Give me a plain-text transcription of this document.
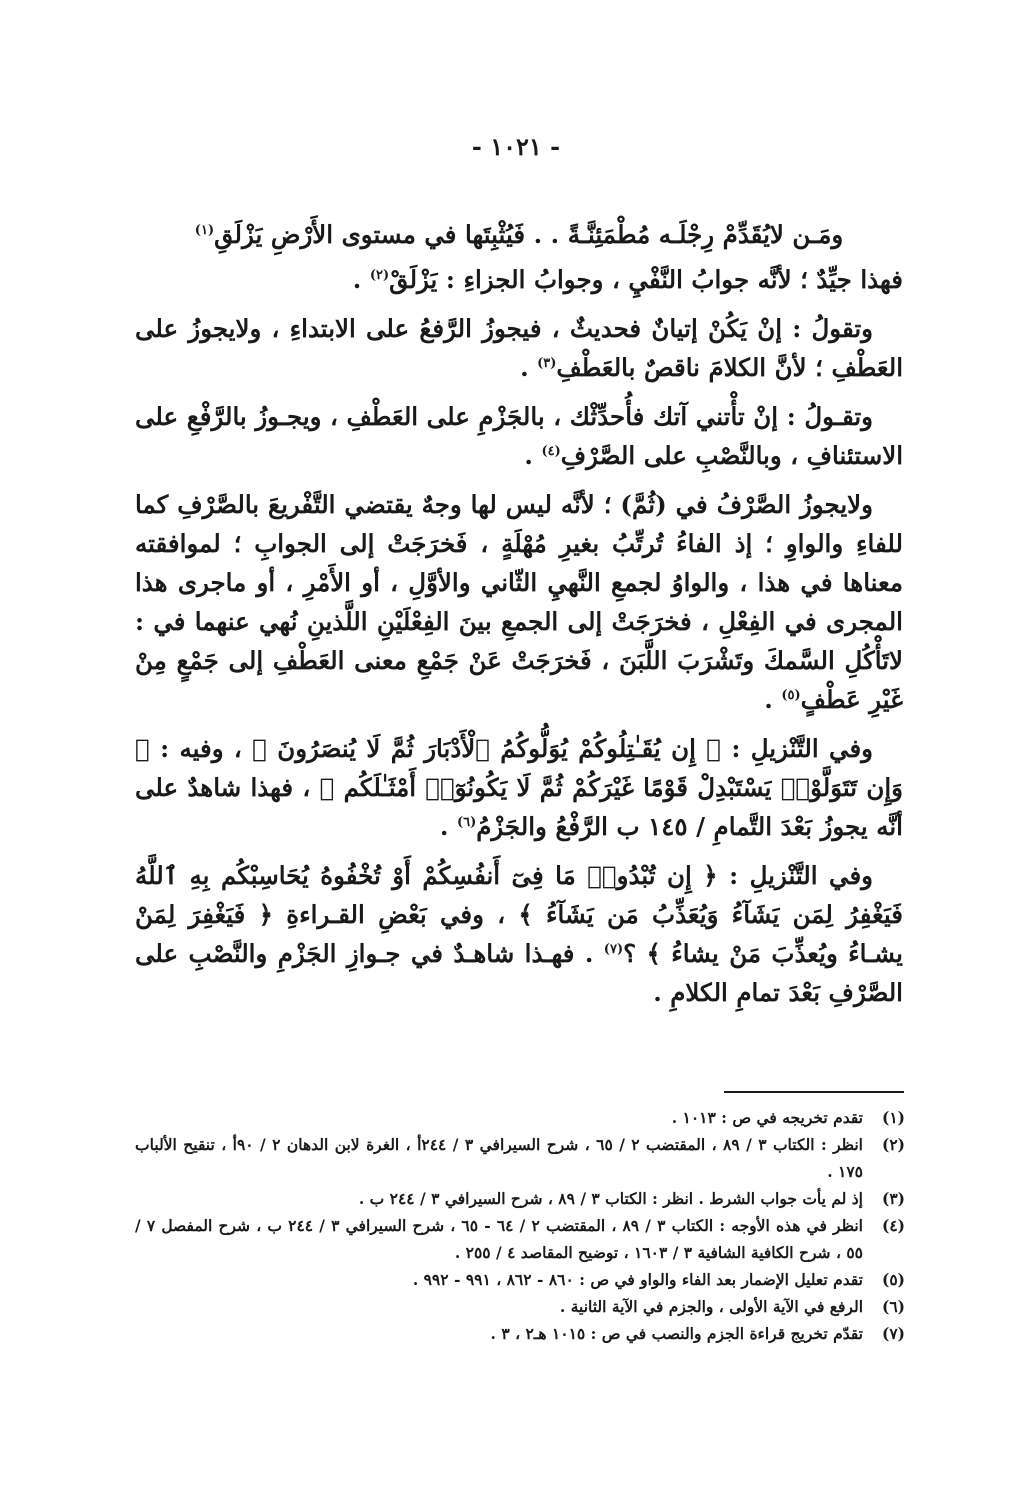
- ١٠٢١ -

ومَـن لايُقَدِّمْ رِجْلَـه مُطْمَئِنَّـةً . . فَيُثْبِتَها في مستوى الأَرْضِ يَزْلَقِ$^{(١)}$

فهذا جيِّدٌ ؛ لأنَّه جوابُ النَّفْيِ ، وجوابُ الجزاءِ : يَزْلَقْ$^{(٢)}$ .

وتقولُ : إنْ يَكُنْ إتيانٌ فحديثٌ ، فيجوزُ الرَّفعُ على الابتداءِ ، ولايجوزُ على العَطْفِ ؛ لأنَّ الكلامَ ناقصٌ بالعَطْفِ$^{(٣)}$ .

وتقـولُ : إنْ تأْتني آتك فأُحدِّثْك ، بالجَزْمِ على العَطْفِ ، ويجـوزُ بالرَّفْعِ على الاستئنافِ ، وبالنَّصْبِ على الصَّرْفِ$^{(٤)}$ .

ولايجوزُ الصَّرْفُ في (ثُمَّ) ؛ لأنَّه ليس لها وجهٌ يقتضي التَّفْريعَ بالصَّرْفِ كما للفاءِ والواوِ ؛ إذ الفاءُ تُرتِّبُ بغيرِ مُهْلَةٍ ، فَخرَجَتْ إلى الجوابِ ؛ لموافقته معناها في هذا ، والواوُ لجمعِ النَّهيِ الثّاني والأوَّلِ ، أو الأَمْرِ ، أو ماجرى هذا المجرى في الفِعْلِ ، فخرَجَتْ إلى الجمعِ بينَ الفِعْلَيْنِ اللَّذينِ نُهي عنهما في : لاتَأْكُلِ السَّمكَ وتَشْرَبَ اللَّبَنَ ، فَخرَجَتْ عَنْ جَمْعِ معنى العَطْفِ إلى جَمْعٍ مِنْ غَيْرِ عَطْفٍ$^{(٥)}$ .

وفي التَّنْزيلِ : ﴿ إِن يُقَـٰتِلُوكُمْ يُوَلُّوكُمُ ٱلْأَدْبَارَ ثُمَّ لَا يُنصَرُونَ ﴾ ، وفيه : ﴿ وَإِن تَتَوَلَّوْا۟ يَسْتَبْدِلْ قَوْمًا غَيْرَكُمْ ثُمَّ لَا يَكُونُوٓا۟ أَمْثَـٰلَكُم ﴾ ، فهذا شاهدٌ على أنَّه يجوزُ بَعْدَ التَّمامِ / ١٤٥ ب الرَّفْعُ والجَزْمُ$^{(٦)}$ .

وفي التَّنْزيلِ : ﴿ إِن تُبْدُوا۟ مَا فِىٓ أَنفُسِكُمْ أَوْ تُخْفُوهُ يُحَاسِبْكُم بِهِ ٱللَّهُ فَيَغْفِرُ لِمَن يَشَآءُ وَيُعَذِّبُ مَن يَشَآءُ ﴾ ، وفي بَعْضِ القـراءةِ ﴿ فَيَغْفِرَ لِمَنْ يشـاءُ ويُعذِّبَ مَنْ يشاءُ ﴾ ؟$^{(٧)}$ . فهـذا شاهـدٌ في جـوازِ الجَزْمِ والنَّصْبِ على الصَّرْفِ بَعْدَ تمامِ الكلامِ .

(١)
تقدم تخريجه في ص : ١٠١٣ .
(٢)
انظر : الكتاب ٣ / ٨٩ ، المقتضب ٢ / ٦٥ ، شرح السيرافي ٣ / ٢٤٤أ ، الغرة لابن الدهان ٢ / ٩٠أ ، تنقيح الألباب ١٧٥ .
(٣)
إذ لم يأت جواب الشرط . انظر : الكتاب ٣ / ٨٩ ، شرح السيرافي ٣ / ٢٤٤ ب .
(٤)
انظر في هذه الأوجه : الكتاب ٣ / ٨٩ ، المقتضب ٢ / ٦٤ - ٦٥ ، شرح السيرافي ٣ / ٢٤٤ ب ، شرح المفصل ٧ / ٥٥ ، شرح الكافية الشافية ٣ / ١٦٠٣ ، توضيح المقاصد ٤ / ٢٥٥ .
(٥)
تقدم تعليل الإضمار بعد الفاء والواو في ص : ٨٦٠ - ٨٦٢ ، ٩٩١ - ٩٩٢ .
(٦)
الرفع في الآية الأولى ، والجزم في الآية الثانية .
(٧)
تقدّم تخريج قراءة الجزم والنصب في ص : ١٠١٥ هـ٢ ، ٣ .
